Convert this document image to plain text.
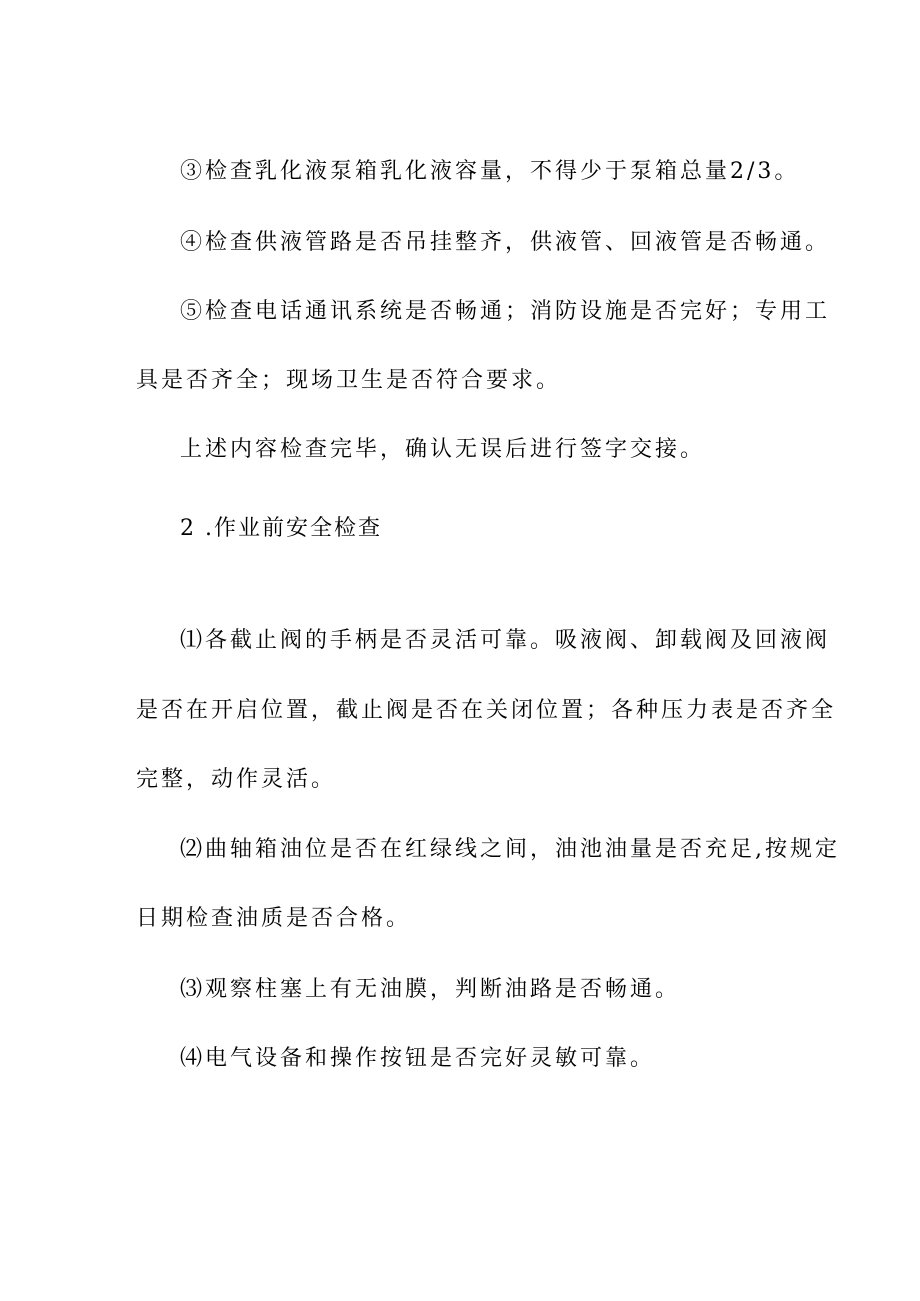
③检查乳化液泵箱乳化液容量，不得少于泵箱总量2/3。
④检查供液管路是否吊挂整齐，供液管、回液管是否畅通。
⑤检查电话通讯系统是否畅通；消防设施是否完好；专用工
具是否齐全；现场卫生是否符合要求。
上述内容检查完毕，确认无误后进行签字交接。
2 .作业前安全检查
⑴各截止阀的手柄是否灵活可靠。吸液阀、卸载阀及回液阀
是否在开启位置，截止阀是否在关闭位置；各种压力表是否齐全
完整，动作灵活。
⑵曲轴箱油位是否在红绿线之间，油池油量是否充足,按规定
日期检查油质是否合格。
⑶观察柱塞上有无油膜，判断油路是否畅通。
⑷电气设备和操作按钮是否完好灵敏可靠。
